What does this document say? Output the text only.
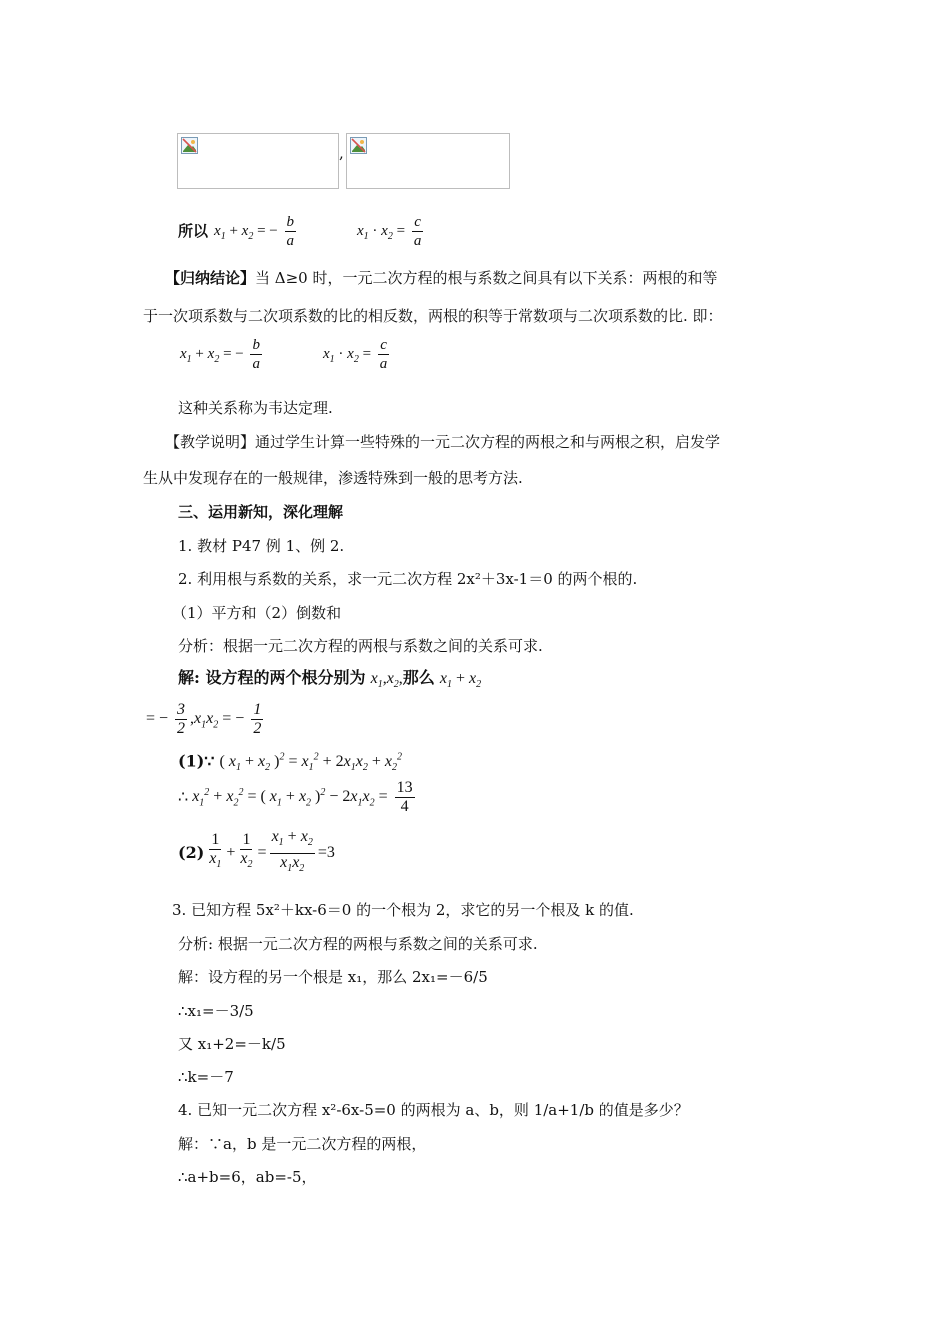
,
所以 $x_1 + x_2$ = − $\frac{b}{a}$	$x_1 \cdot x_2 = \frac{c}{a}$
【归纳结论】当 Δ≥0 时，一元二次方程的根与系数之间具有以下关系：两根的和等
于一次项系数与二次项系数的比的相反数，两根的积等于常数项与二次项系数的比. 即：
$x_1 + x_2$ = − $\frac{b}{a}$	$x_1 \cdot x_2 = \frac{c}{a}$
这种关系称为韦达定理.
【教学说明】通过学生计算一些特殊的一元二次方程的两根之和与两根之积，启发学
生从中发现存在的一般规律，渗透特殊到一般的思考方法.
三、运用新知，深化理解
1. 教材 P47 例 1、例 2.
2. 利用根与系数的关系，求一元二次方程 2x²＋3x-1＝0 的两个根的.
（1）平方和（2）倒数和
分析：根据一元二次方程的两根与系数之间的关系可求.
解: 设方程的两个根分别为 $x_1,x_2$,那么 $x_1 + x_2$
= − $\frac{3}{2} ,x_1x_2$ = − $\frac{1}{2}$
(1)∵ ( $x_1 + x_2$ )$^2 = x_1^2 + 2x_1x_2 + x_2^2$
∴ $x_1^2 + x_2^2$ = ( $x_1 + x_2$ )$^2 - 2x_1x_2 = \frac{13}{4}$
$(2) \frac{1}{x_1} + \frac{1}{x_2} = \frac{x_1 + x_2}{x_1x_2} = 3$
3. 已知方程 5x²＋kx-6＝0 的一个根为 2，求它的另一个根及 k 的值.
分析: 根据一元二次方程的两根与系数之间的关系可求.
解：设方程的另一个根是 x₁，那么 2x₁=－6/5
∴x₁=－3/5
又 x₁+2=－k/5
∴k=－7
4. 已知一元二次方程 x²-6x-5=0 的两根为 a、b，则 1/a+1/b 的值是多少？
解：∵a，b 是一元二次方程的两根，
∴a+b=6，ab=-5，
